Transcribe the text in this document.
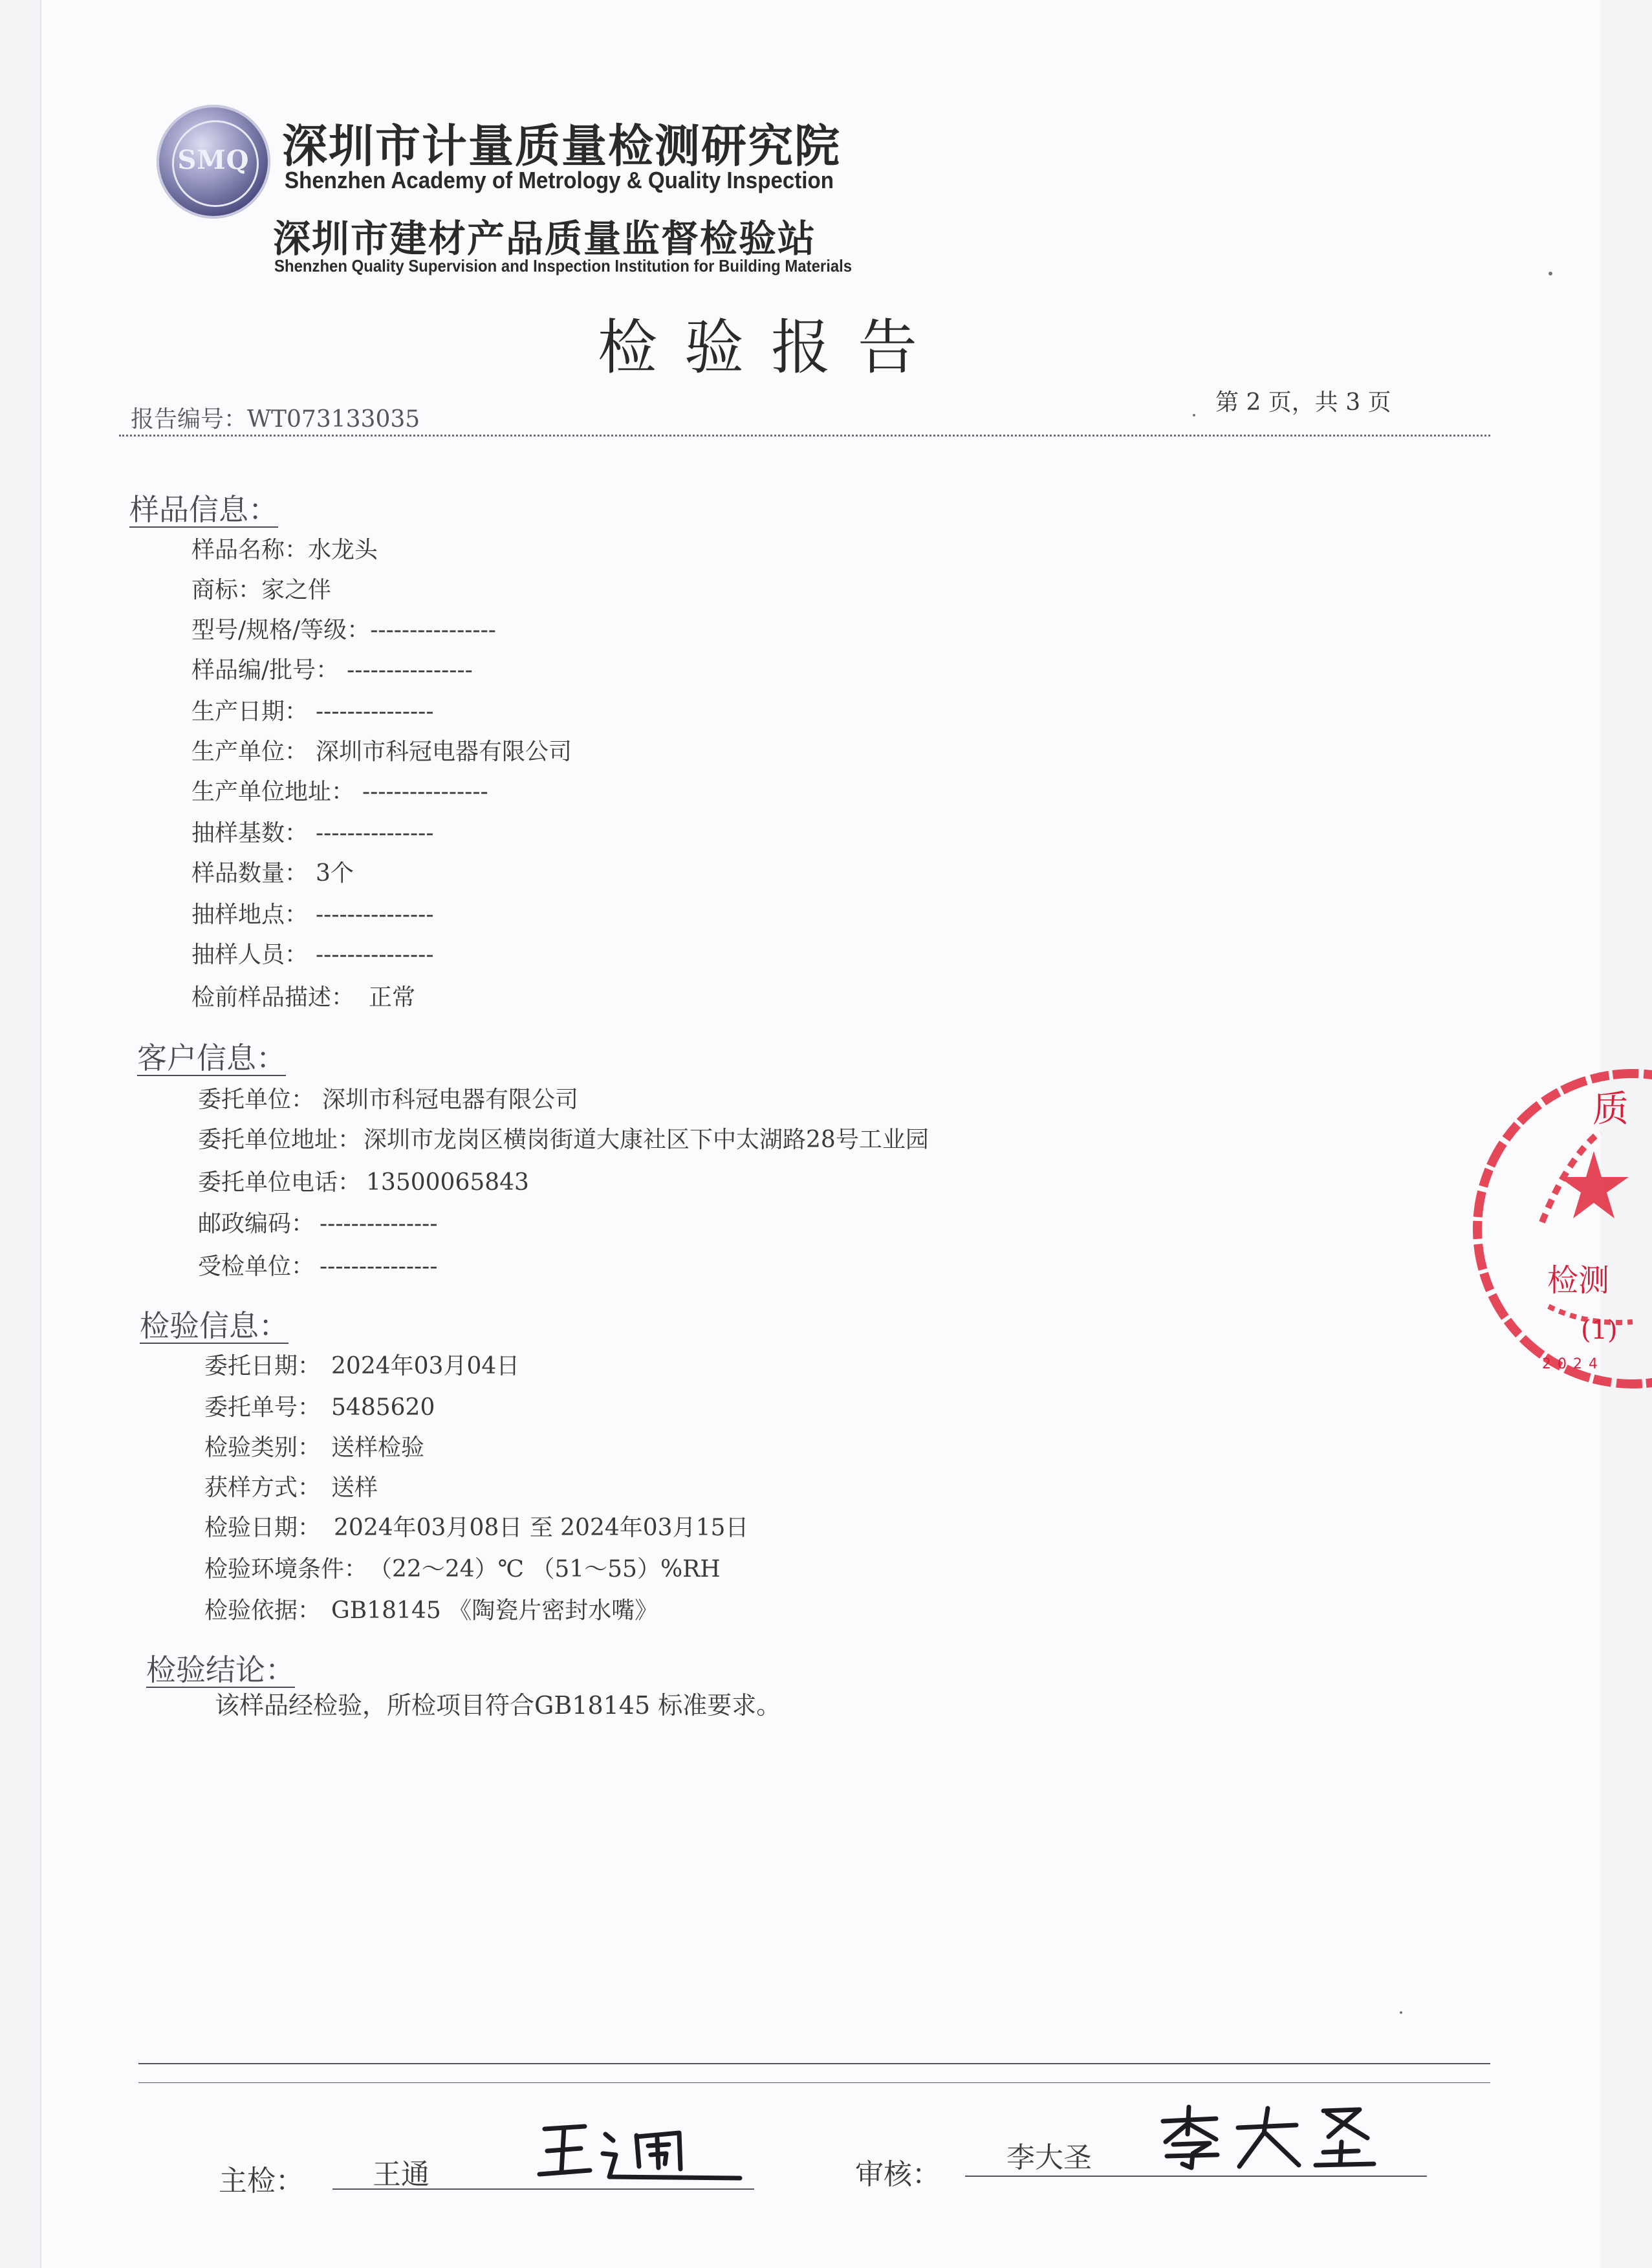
SMQ 深圳市计量质量检测研究院
Shenzhen Academy of Metrology & Quality Inspection
深圳市建材产品质量监督检验站
Shenzhen Quality Supervision and Inspection Institution for Building Materials
检验报告
报告编号：WT073133035
第 2 页，共 3 页
样品信息：
客户信息：
检验信息：
检验结论：
样品名称：水龙头
商标：家之伴
型号/规格/等级：----------------
样品编/批号： ----------------
生产日期： ---------------
生产单位： 深圳市科冠电器有限公司
生产单位地址： ----------------
抽样基数： ---------------
样品数量： 3个
抽样地点： ---------------
抽样人员： ---------------
检前样品描述： 正常
委托单位： 深圳市科冠电器有限公司
委托单位地址： 深圳市龙岗区横岗街道大康社区下中太湖路28号工业园
委托单位电话： 13500065843
邮政编码： ---------------
受检单位： ---------------
委托日期： 2024年03月04日
委托单号： 5485620
检验类别： 送样检验
获样方式： 送样
检验日期： 2024年03月08日 至 2024年03月15日
检验环境条件： （22～24）℃ （51～55）%RH
检验依据： GB18145 《陶瓷片密封水嘴》
该样品经检验，所检项目符合GB18145 标准要求。
主检： 王通	审核：
李大圣
质
检测
(1)
2024
